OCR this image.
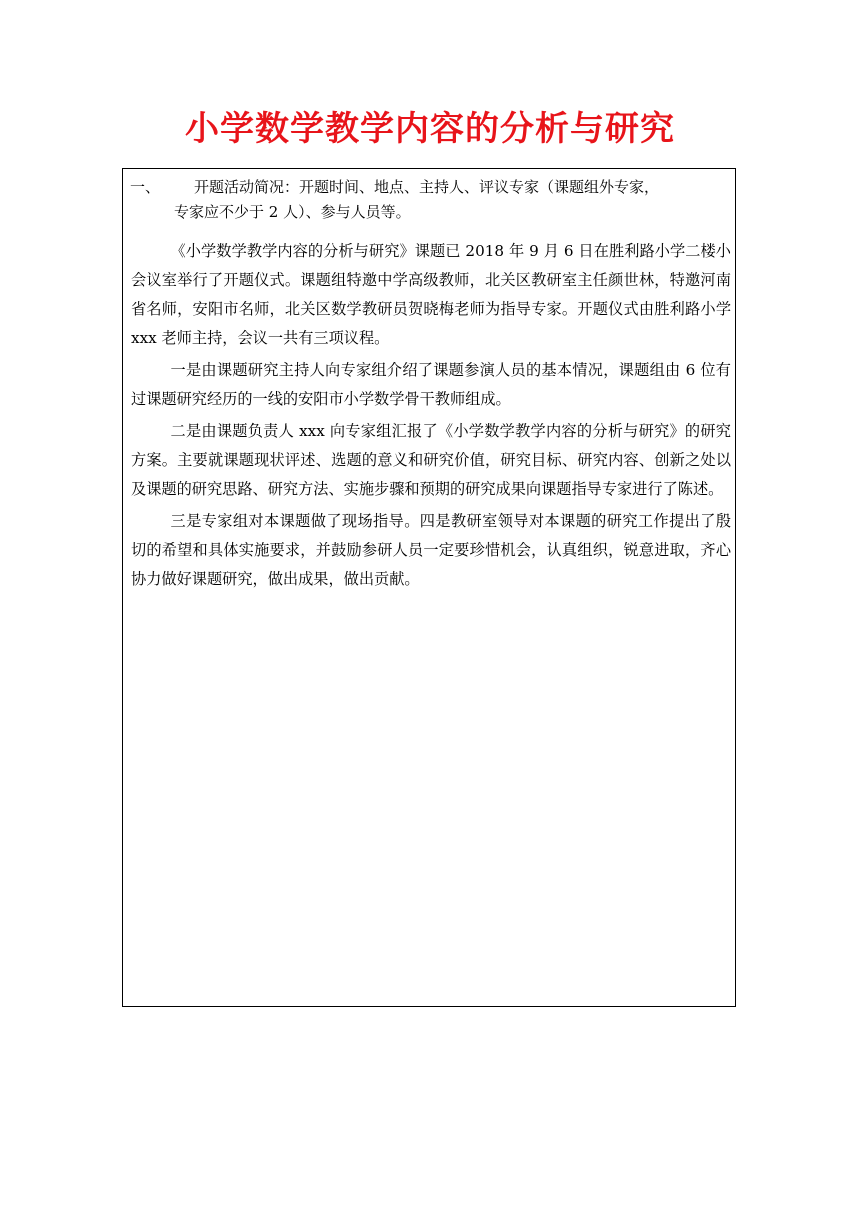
小学数学教学内容的分析与研究
一、 开题活动简况：开题时间、地点、主持人、评议专家（课题组外专家，
专家应不少于 2 人）、参与人员等。

《小学数学教学内容的分析与研究》课题已 2018 年 9 月 6 日在胜利路小学二楼小会议室举行了开题仪式。课题组特邀中学高级教师，北关区教研室主任颜世林，特邀河南省名师，安阳市名师，北关区数学教研员贺晓梅老师为指导专家。开题仪式由胜利路小学 xxx 老师主持，会议一共有三项议程。

一是由课题研究主持人向专家组介绍了课题参演人员的基本情况，课题组由 6 位有过课题研究经历的一线的安阳市小学数学骨干教师组成。

二是由课题负责人 xxx 向专家组汇报了《小学数学教学内容的分析与研究》的研究方案。主要就课题现状评述、选题的意义和研究价值，研究目标、研究内容、创新之处以及课题的研究思路、研究方法、实施步骤和预期的研究成果向课题指导专家进行了陈述。

三是专家组对本课题做了现场指导。四是教研室领导对本课题的研究工作提出了殷切的希望和具体实施要求，并鼓励参研人员一定要珍惜机会，认真组织，锐意进取，齐心协力做好课题研究，做出成果，做出贡献。
